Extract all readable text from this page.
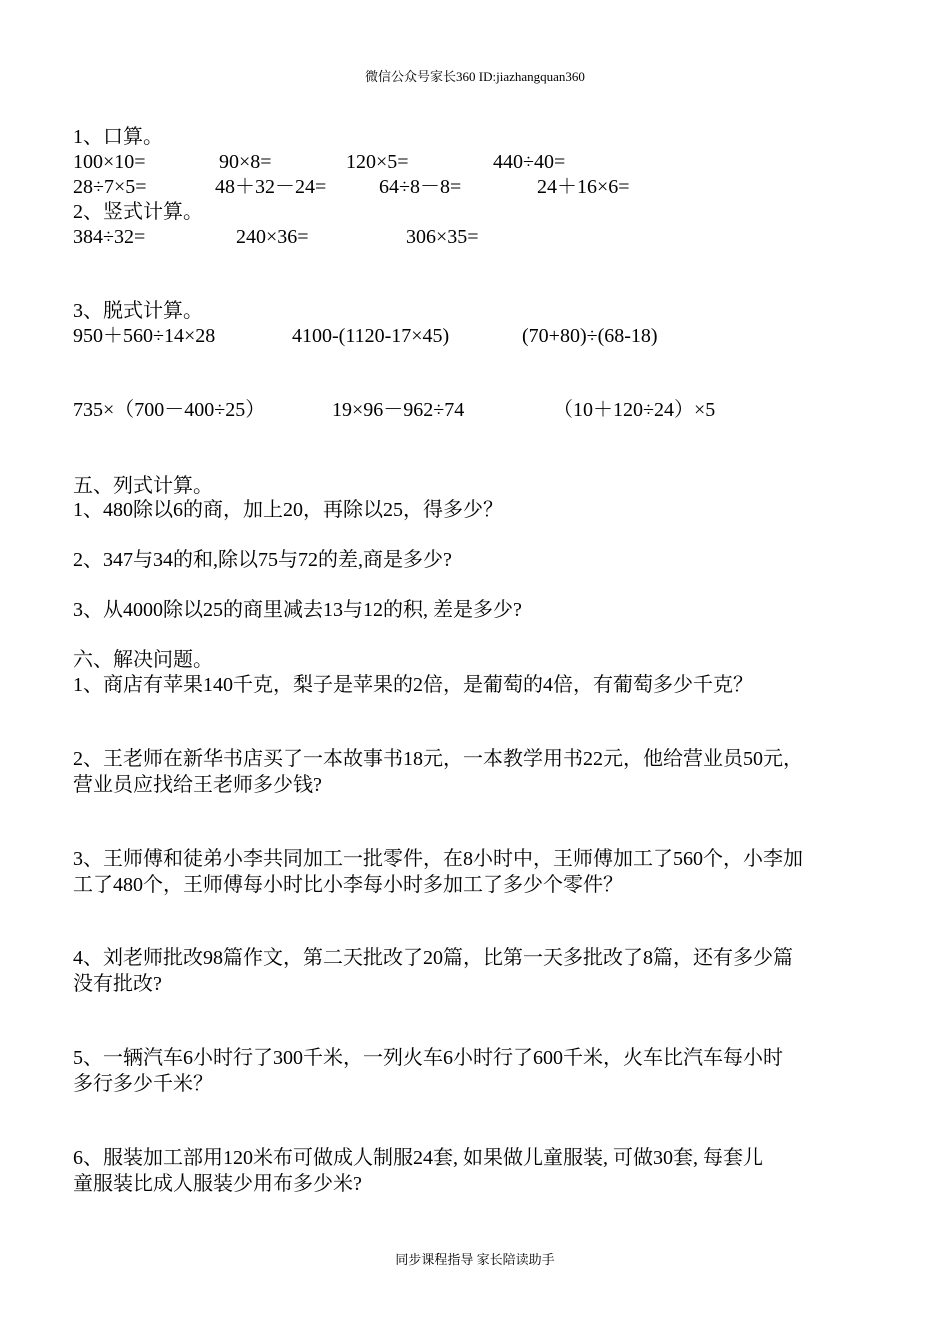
微信公众号家长360 ID:jiazhangquan360
1、口算。
100×10=	90×8=	120×5=	440÷40=
28÷7×5=	48＋32－24=	64÷8－8=	24＋16×6=
2、竖式计算。
384÷32=	240×36=	306×35=
3、脱式计算。
950＋560÷14×28	4100-(1120-17×45)	(70+80)÷(68-18)
735×（700－400÷25）	19×96－962÷74	（10＋120÷24）×5
五、列式计算。
1、480除以6的商，加上20，再除以25，得多少？
2、347与34的和,除以75与72的差,商是多少?
3、从4000除以25的商里减去13与12的积, 差是多少?
六、解决问题。
1、商店有苹果140千克，梨子是苹果的2倍，是葡萄的4倍，有葡萄多少千克？
2、王老师在新华书店买了一本故事书18元，一本教学用书22元，他给营业员50元，
营业员应找给王老师多少钱?
3、王师傅和徒弟小李共同加工一批零件，在8小时中，王师傅加工了560个，小李加
工了480个，王师傅每小时比小李每小时多加工了多少个零件？
4、刘老师批改98篇作文，第二天批改了20篇，比第一天多批改了8篇，还有多少篇
没有批改?
5、一辆汽车6小时行了300千米，一列火车6小时行了600千米，火车比汽车每小时
多行多少千米？
6、服装加工部用120米布可做成人制服24套, 如果做儿童服装, 可做30套, 每套儿
童服装比成人服装少用布多少米?
同步课程指导 家长陪读助手
